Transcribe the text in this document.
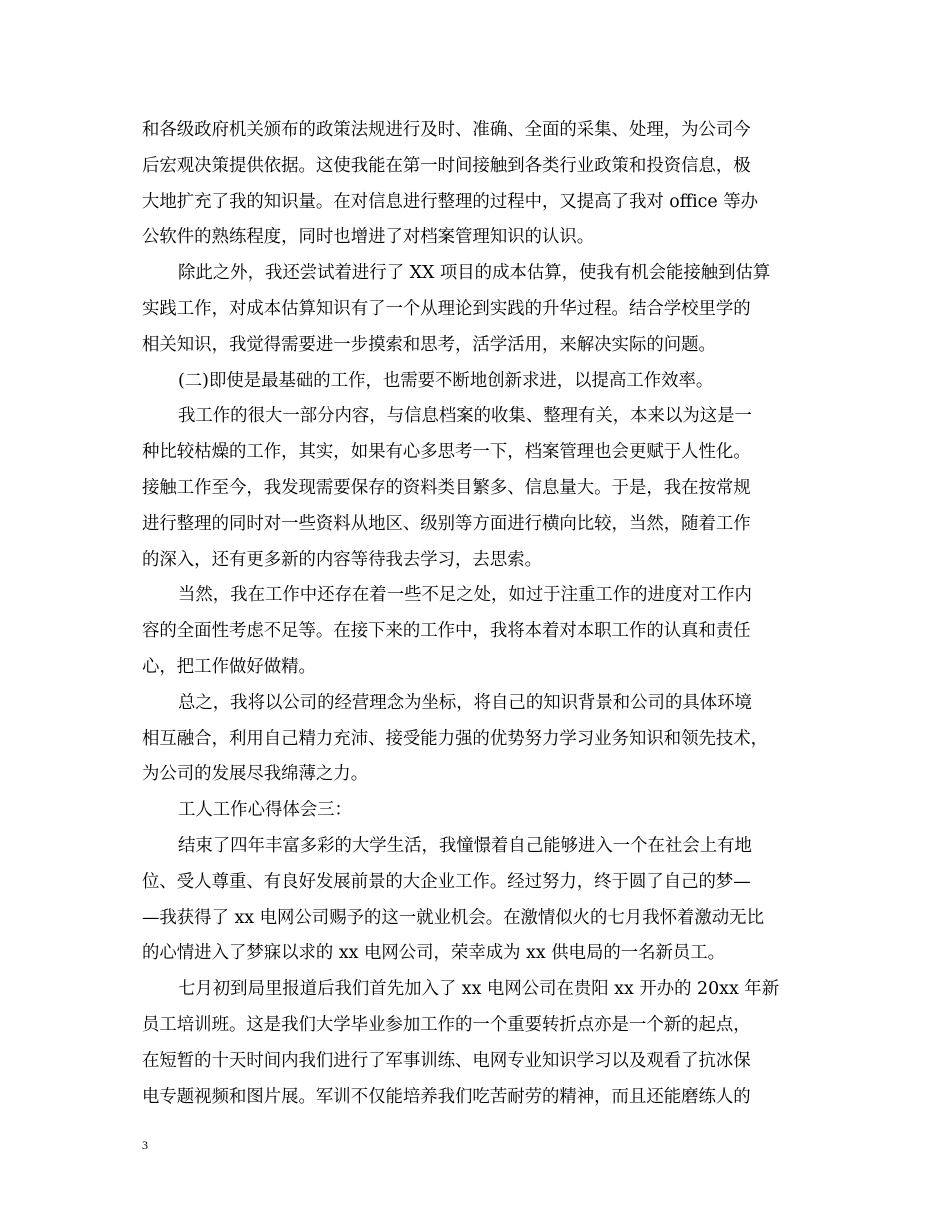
和各级政府机关颁布的政策法规进行及时、准确、全面的采集、处理，为公司今
后宏观决策提供依据。这使我能在第一时间接触到各类行业政策和投资信息，极
大地扩充了我的知识量。在对信息进行整理的过程中，又提高了我对 office 等办
公软件的熟练程度，同时也增进了对档案管理知识的认识。
除此之外，我还尝试着进行了 XX 项目的成本估算，使我有机会能接触到估算
实践工作，对成本估算知识有了一个从理论到实践的升华过程。结合学校里学的
相关知识，我觉得需要进一步摸索和思考，活学活用，来解决实际的问题。
(二)即使是最基础的工作，也需要不断地创新求进，以提高工作效率。
我工作的很大一部分内容，与信息档案的收集、整理有关，本来以为这是一
种比较枯燥的工作，其实，如果有心多思考一下，档案管理也会更赋于人性化。
接触工作至今，我发现需要保存的资料类目繁多、信息量大。于是，我在按常规
进行整理的同时对一些资料从地区、级别等方面进行横向比较，当然，随着工作
的深入，还有更多新的内容等待我去学习，去思索。
当然，我在工作中还存在着一些不足之处，如过于注重工作的进度对工作内
容的全面性考虑不足等。在接下来的工作中，我将本着对本职工作的认真和责任
心，把工作做好做精。
总之，我将以公司的经营理念为坐标，将自己的知识背景和公司的具体环境
相互融合，利用自己精力充沛、接受能力强的优势努力学习业务知识和领先技术，
为公司的发展尽我绵薄之力。
工人工作心得体会三：
结束了四年丰富多彩的大学生活，我憧憬着自己能够进入一个在社会上有地
位、受人尊重、有良好发展前景的大企业工作。经过努力，终于圆了自己的梦—
—我获得了 xx 电网公司赐予的这一就业机会。在激情似火的七月我怀着激动无比
的心情进入了梦寐以求的 xx 电网公司，荣幸成为 xx 供电局的一名新员工。
七月初到局里报道后我们首先加入了 xx 电网公司在贵阳 xx 开办的 20xx 年新
员工培训班。这是我们大学毕业参加工作的一个重要转折点亦是一个新的起点，
在短暂的十天时间内我们进行了军事训练、电网专业知识学习以及观看了抗冰保
电专题视频和图片展。军训不仅能培养我们吃苦耐劳的精神，而且还能磨练人的
3
